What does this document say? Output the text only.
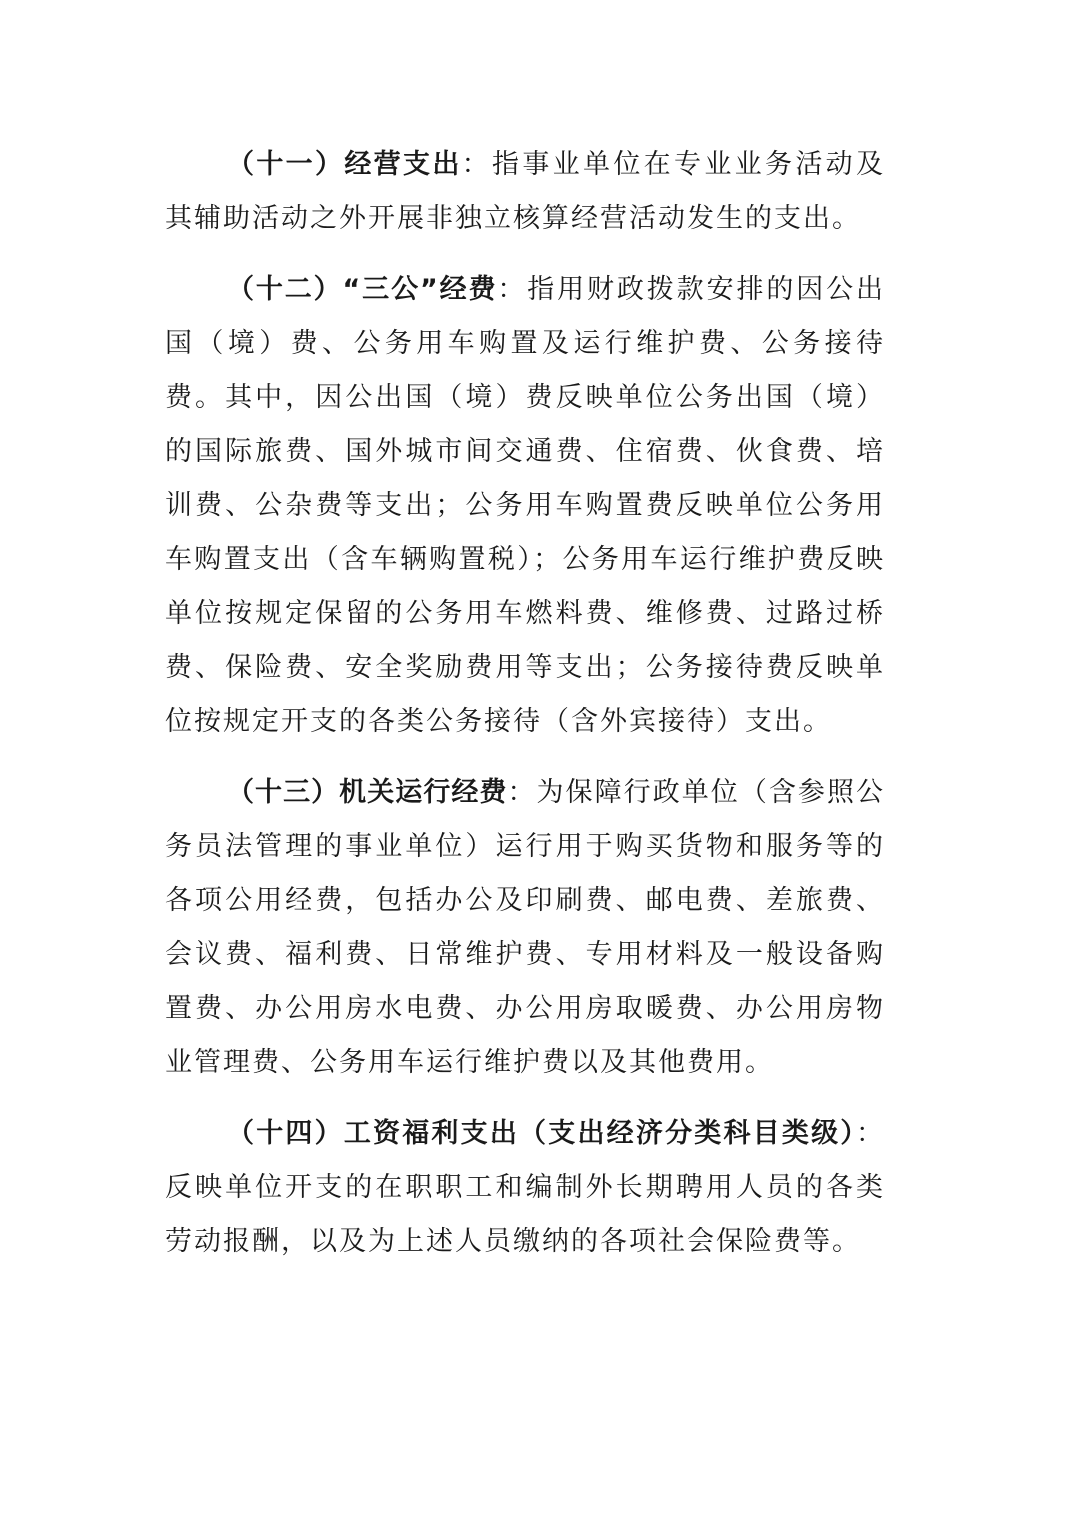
（十一）经营支出：指事业单位在专业业务活动及其辅助活动之外开展非独立核算经营活动发生的支出。

（十二）“三公”经费：指用财政拨款安排的因公出国（境）费、公务用车购置及运行维护费、公务接待费。其中，因公出国（境）费反映单位公务出国（境）的国际旅费、国外城市间交通费、住宿费、伙食费、培训费、公杂费等支出；公务用车购置费反映单位公务用车购置支出（含车辆购置税）；公务用车运行维护费反映单位按规定保留的公务用车燃料费、维修费、过路过桥费、保险费、安全奖励费用等支出；公务接待费反映单位按规定开支的各类公务接待（含外宾接待）支出。

（十三）机关运行经费：为保障行政单位（含参照公务员法管理的事业单位）运行用于购买货物和服务等的各项公用经费，包括办公及印刷费、邮电费、差旅费、会议费、福利费、日常维护费、专用材料及一般设备购置费、办公用房水电费、办公用房取暖费、办公用房物业管理费、公务用车运行维护费以及其他费用。

（十四）工资福利支出（支出经济分类科目类级）：反映单位开支的在职职工和编制外长期聘用人员的各类劳动报酬，以及为上述人员缴纳的各项社会保险费等。
